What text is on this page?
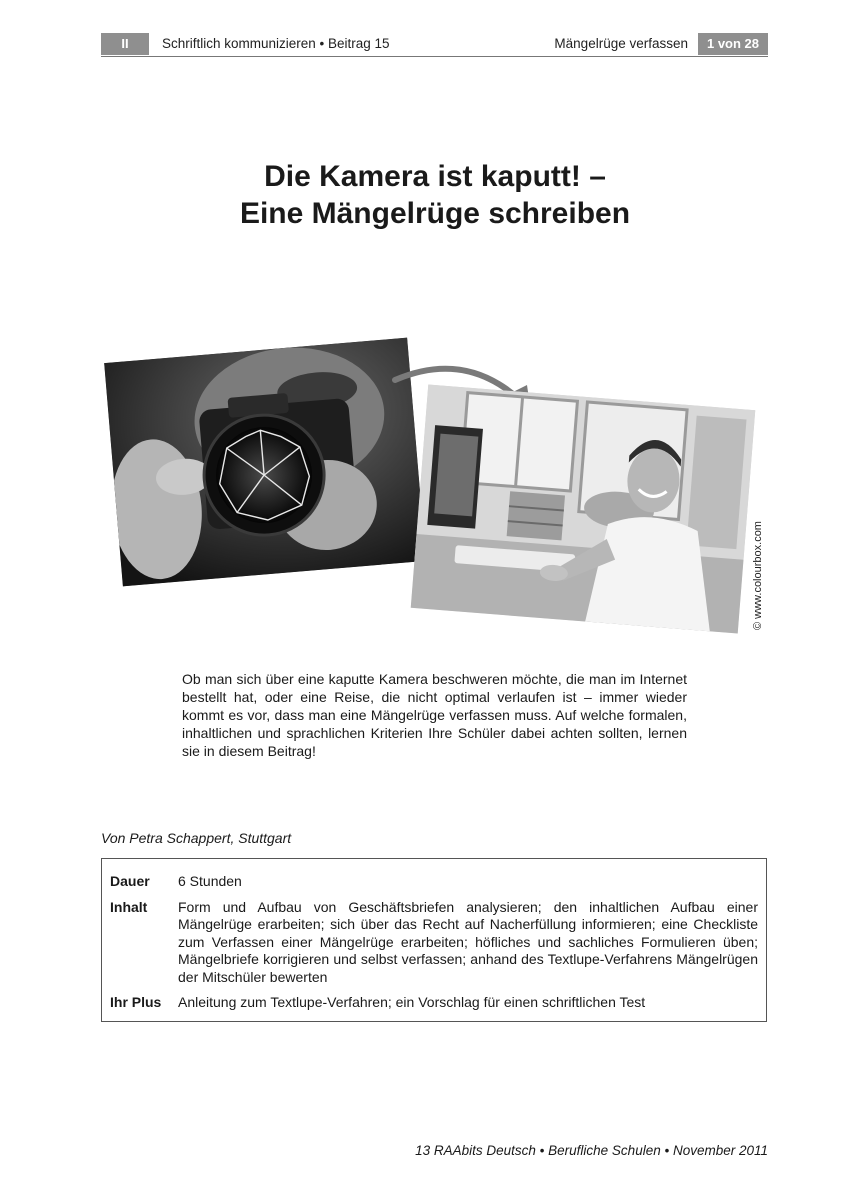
II	Schriftlich kommunizieren • Beitrag 15	Mängelrüge verfassen	1 von 28
Die Kamera ist kaputt! –
Eine Mängelrüge schreiben
© www.colourbox.com

Ob man sich über eine kaputte Kamera beschweren möchte, die man im Internet bestellt hat, oder eine Reise, die nicht optimal verlaufen ist – immer wieder kommt es vor, dass man eine Mängelrüge verfassen muss. Auf welche formalen, inhaltlichen und sprachlichen Kriterien Ihre Schüler dabei achten sollten, lernen sie in diesem Beitrag!

Von Petra Schappert, Stuttgart
Dauer	6 Stunden
Inhalt	Form und Aufbau von Geschäftsbriefen analysieren; den inhaltlichen Aufbau einer Mängelrüge erarbeiten; sich über das Recht auf Nacherfüllung informieren; eine Checkliste zum Verfassen einer Mängelrüge erarbeiten; höfliches und sachliches Formulieren üben; Mängelbriefe korrigieren und selbst verfassen; anhand des Textlupe-Verfahrens Mängelrügen der Mitschüler bewerten
Ihr Plus	Anleitung zum Textlupe-Verfahren; ein Vorschlag für einen schriftlichen Test
13 RAAbits Deutsch • Berufliche Schulen • November 2011
